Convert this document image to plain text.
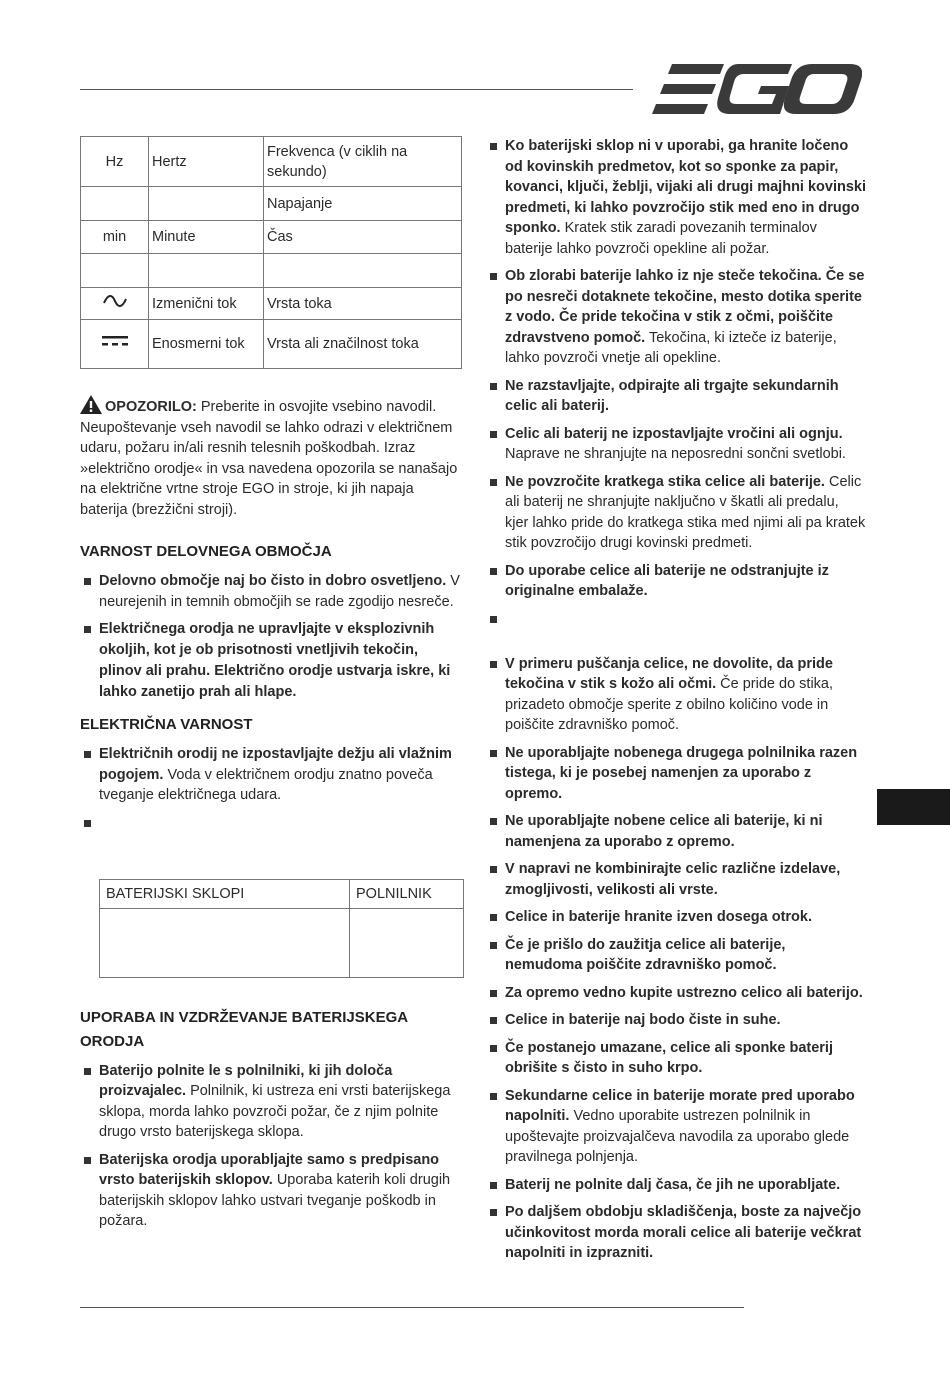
Hz	Hertz	Frekvenca (v ciklih na sekundo)
		Napajanje
min	Minute	Čas

	Izmenični tok	Vrsta toka
	Enosmerni tok	Vrsta ali značilnost toka

OPOZORILO: Preberite in osvojite vsebino navodil. Neupoštevanje vseh navodil se lahko odrazi v električnem udaru, požaru in/ali resnih telesnih poškodbah. Izraz »električno orodje« in vsa navedena opozorila se nanašajo na električne vrtne stroje EGO in stroje, ki jih napaja baterija (brezžični stroji).

VARNOST DELOVNEGA OBMOČJA
Delovno območje naj bo čisto in dobro osvetljeno. V neurejenih in temnih območjih se rade zgodijo nesreče.
Električnega orodja ne upravljajte v eksplozivnih okoljih, kot je ob prisotnosti vnetljivih tekočin, plinov ali prahu. Električno orodje ustvarja iskre, ki lahko zanetijo prah ali hlape.
ELEKTRIČNA VARNOST
Električnih orodij ne izpostavljajte dežju ali vlažnim pogojem. Voda v električnem orodju znatno poveča tveganje električnega udara.
BATERIJSKI SKLOPI	POLNILNIK

UPORABA IN VZDRŽEVANJE BATERIJSKEGA ORODJA
Baterijo polnite le s polnilniki, ki jih določa proizvajalec. Polnilnik, ki ustreza eni vrsti baterijskega sklopa, morda lahko povzroči požar, če z njim polnite drugo vrsto baterijskega sklopa.
Baterijska orodja uporabljajte samo s predpisano vrsto baterijskih sklopov. Uporaba katerih koli drugih baterijskih sklopov lahko ustvari tveganje poškodb in požara.
Ko baterijski sklop ni v uporabi, ga hranite ločeno od kovinskih predmetov, kot so sponke za papir, kovanci, ključi, žeblji, vijaki ali drugi majhni kovinski predmeti, ki lahko povzročijo stik med eno in drugo sponko. Kratek stik zaradi povezanih terminalov baterije lahko povzroči opekline ali požar.
Ob zlorabi baterije lahko iz nje steče tekočina. Če se po nesreči dotaknete tekočine, mesto dotika sperite z vodo. Če pride tekočina v stik z očmi, poiščite zdravstveno pomoč. Tekočina, ki izteče iz baterije, lahko povzroči vnetje ali opekline.
Ne razstavljajte, odpirajte ali trgajte sekundarnih celic ali baterij.
Celic ali baterij ne izpostavljajte vročini ali ognju. Naprave ne shranjujte na neposredni sončni svetlobi.
Ne povzročite kratkega stika celice ali baterije. Celic ali baterij ne shranjujte naključno v škatli ali predalu, kjer lahko pride do kratkega stika med njimi ali pa kratek stik povzročijo drugi kovinski predmeti.
Do uporabe celice ali baterije ne odstranjujte iz originalne embalaže.
V primeru puščanja celice, ne dovolite, da pride tekočina v stik s kožo ali očmi. Če pride do stika, prizadeto območje sperite z obilno količino vode in poiščite zdravniško pomoč.
Ne uporabljajte nobenega drugega polnilnika razen tistega, ki je posebej namenjen za uporabo z opremo.
Ne uporabljajte nobene celice ali baterije, ki ni namenjena za uporabo z opremo.
V napravi ne kombinirajte celic različne izdelave, zmogljivosti, velikosti ali vrste.
Celice in baterije hranite izven dosega otrok.
Če je prišlo do zaužitja celice ali baterije, nemudoma poiščite zdravniško pomoč.
Za opremo vedno kupite ustrezno celico ali baterijo.
Celice in baterije naj bodo čiste in suhe.
Če postanejo umazane, celice ali sponke baterij obrišite s čisto in suho krpo.
Sekundarne celice in baterije morate pred uporabo napolniti. Vedno uporabite ustrezen polnilnik in upoštevajte proizvajalčeva navodila za uporabo glede pravilnega polnjenja.
Baterij ne polnite dalj časa, če jih ne uporabljate.
Po daljšem obdobju skladiščenja, boste za največjo učinkovitost morda morali celice ali baterije večkrat napolniti in izprazniti.
